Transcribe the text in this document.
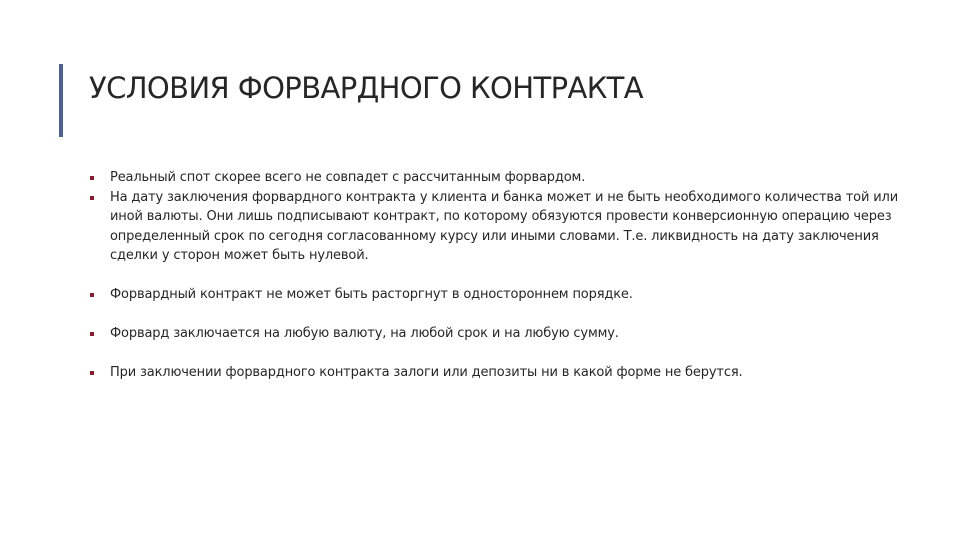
УСЛОВИЯ ФОРВАРДНОГО КОНТРАКТА
Реальный спот скорее всего не совпадет с рассчитанным форвардом.
На дату заключения форвардного контракта у клиента и банка может и не быть необходимого количества той или иной валюты. Они лишь подписывают контракт, по которому обязуются провести конверсионную операцию через определенный срок по сегодня согласованному курсу или иными словами. Т.е. ликвидность на дату заключения сделки у сторон может быть нулевой.
Форвардный контракт не может быть расторгнут в одностороннем порядке.
Форвард заключается на любую валюту, на любой срок и на любую сумму.
При заключении форвардного контракта залоги или депозиты ни в какой форме не берутся.
